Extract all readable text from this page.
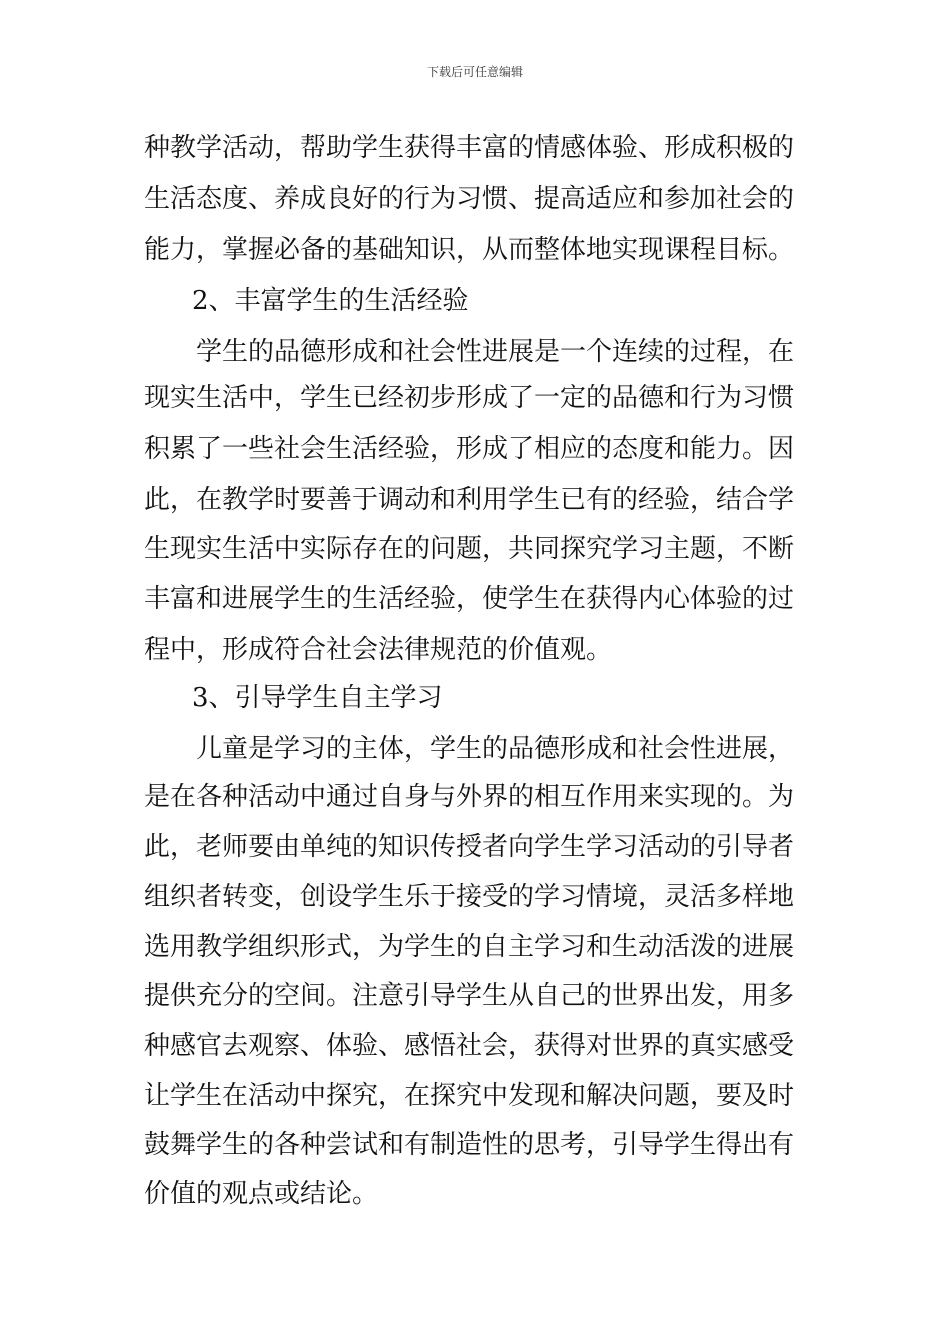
下载后可任意编辑
种教学活动，帮助学生获得丰富的情感体验、形成积极的
生活态度、养成良好的行为习惯、提高适应和参加社会的
能力，掌握必备的基础知识，从而整体地实现课程目标。
2、丰富学生的生活经验
学生的品德形成和社会性进展是一个连续的过程，在
现实生活中，学生已经初步形成了一定的品德和行为习惯
积累了一些社会生活经验，形成了相应的态度和能力。因
此，在教学时要善于调动和利用学生已有的经验，结合学
生现实生活中实际存在的问题，共同探究学习主题，不断
丰富和进展学生的生活经验，使学生在获得内心体验的过
程中，形成符合社会法律规范的价值观。
3、引导学生自主学习
儿童是学习的主体，学生的品德形成和社会性进展，
是在各种活动中通过自身与外界的相互作用来实现的。为
此，老师要由单纯的知识传授者向学生学习活动的引导者
组织者转变，创设学生乐于接受的学习情境，灵活多样地
选用教学组织形式，为学生的自主学习和生动活泼的进展
提供充分的空间。注意引导学生从自己的世界出发，用多
种感官去观察、体验、感悟社会，获得对世界的真实感受
让学生在活动中探究，在探究中发现和解决问题，要及时
鼓舞学生的各种尝试和有制造性的思考，引导学生得出有
价值的观点或结论。
